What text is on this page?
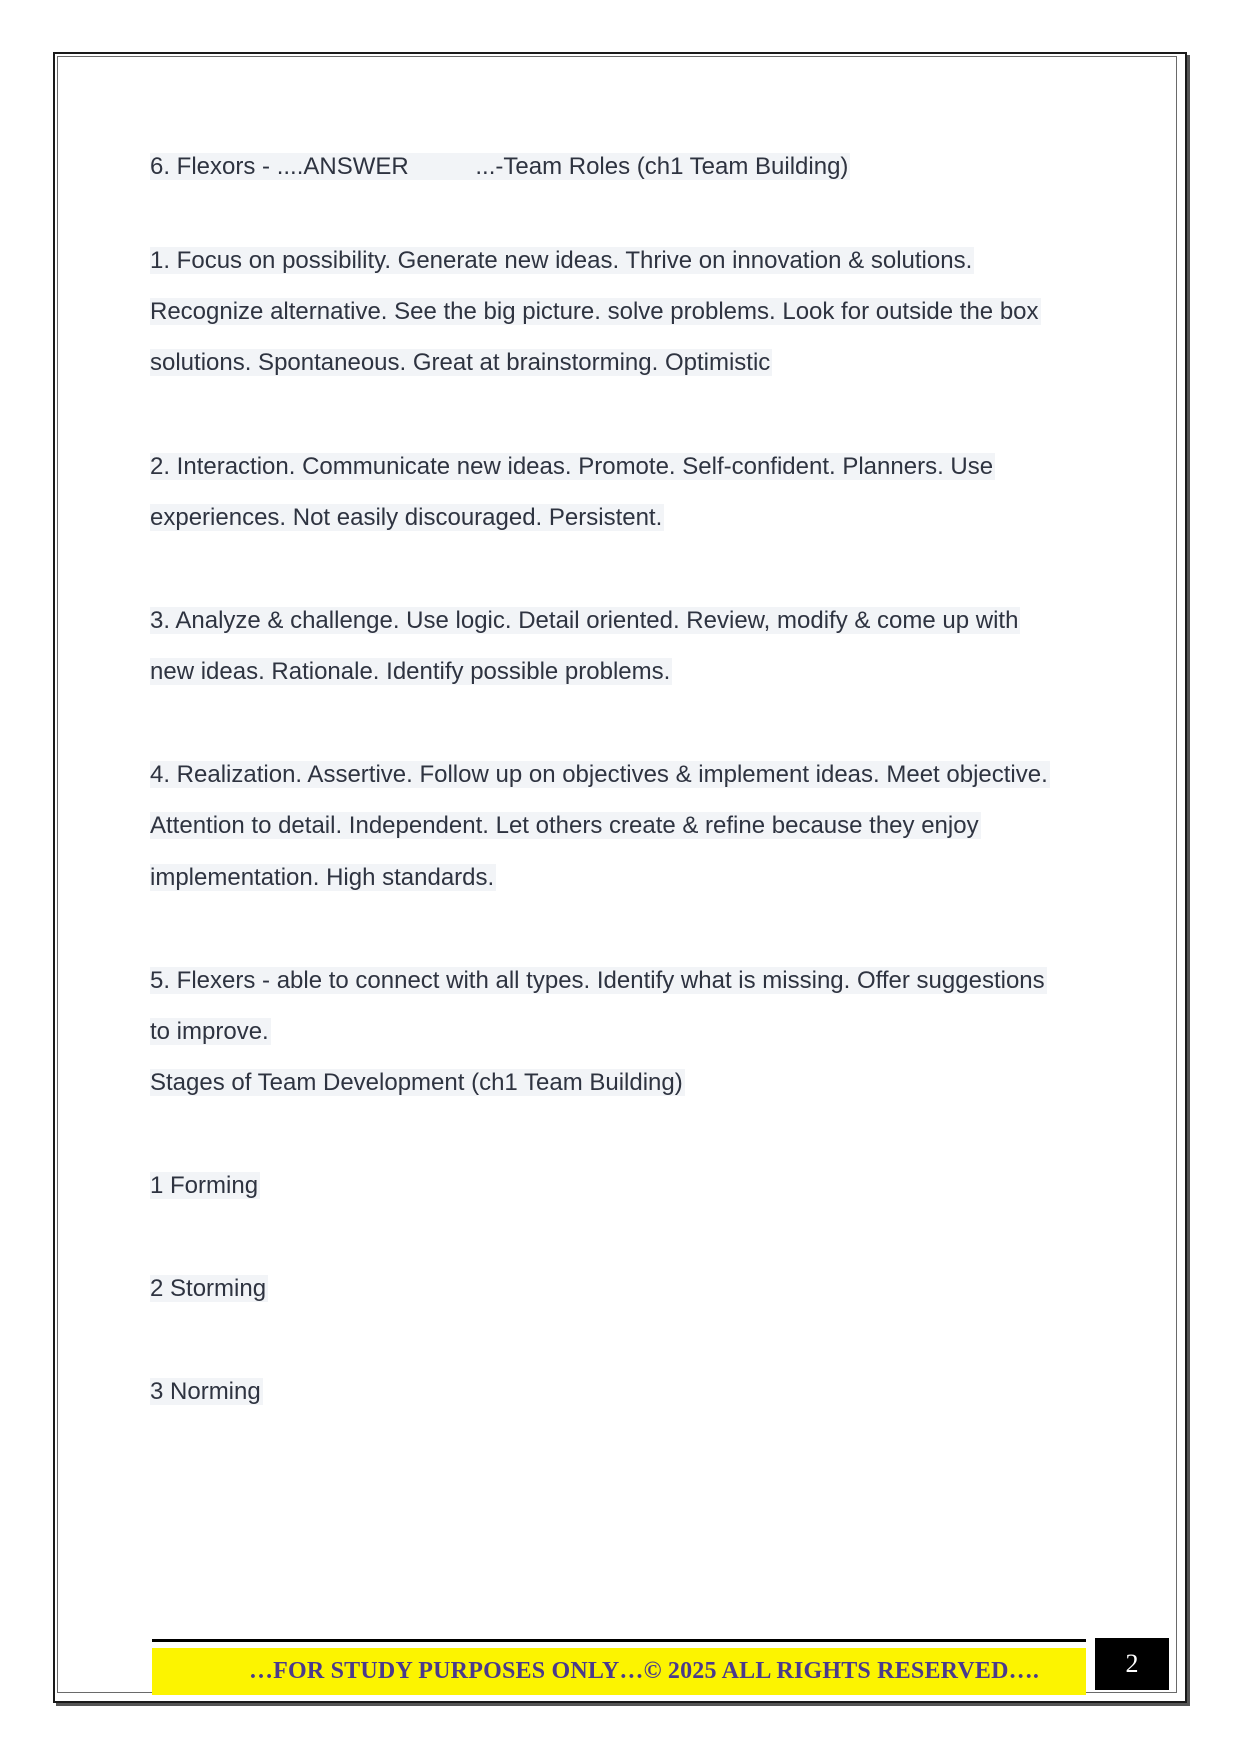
6. Flexors - ....ANSWER          ...-Team Roles (ch1 Team Building)
1. Focus on possibility. Generate new ideas. Thrive on innovation & solutions.
Recognize alternative. See the big picture. solve problems. Look for outside the box
solutions. Spontaneous. Great at brainstorming. Optimistic
2. Interaction. Communicate new ideas. Promote. Self-confident. Planners. Use
experiences. Not easily discouraged. Persistent.
3. Analyze & challenge. Use logic. Detail oriented. Review, modify & come up with
new ideas. Rationale. Identify possible problems.
4. Realization. Assertive. Follow up on objectives & implement ideas. Meet objective.
Attention to detail. Independent. Let others create & refine because they enjoy
implementation. High standards.
5. Flexers - able to connect with all types. Identify what is missing. Offer suggestions
to improve.
Stages of Team Development (ch1 Team Building)
1 Forming
2 Storming
3 Norming
…FOR STUDY PURPOSES ONLY…© 2025 ALL RIGHTS RESERVED….	2
